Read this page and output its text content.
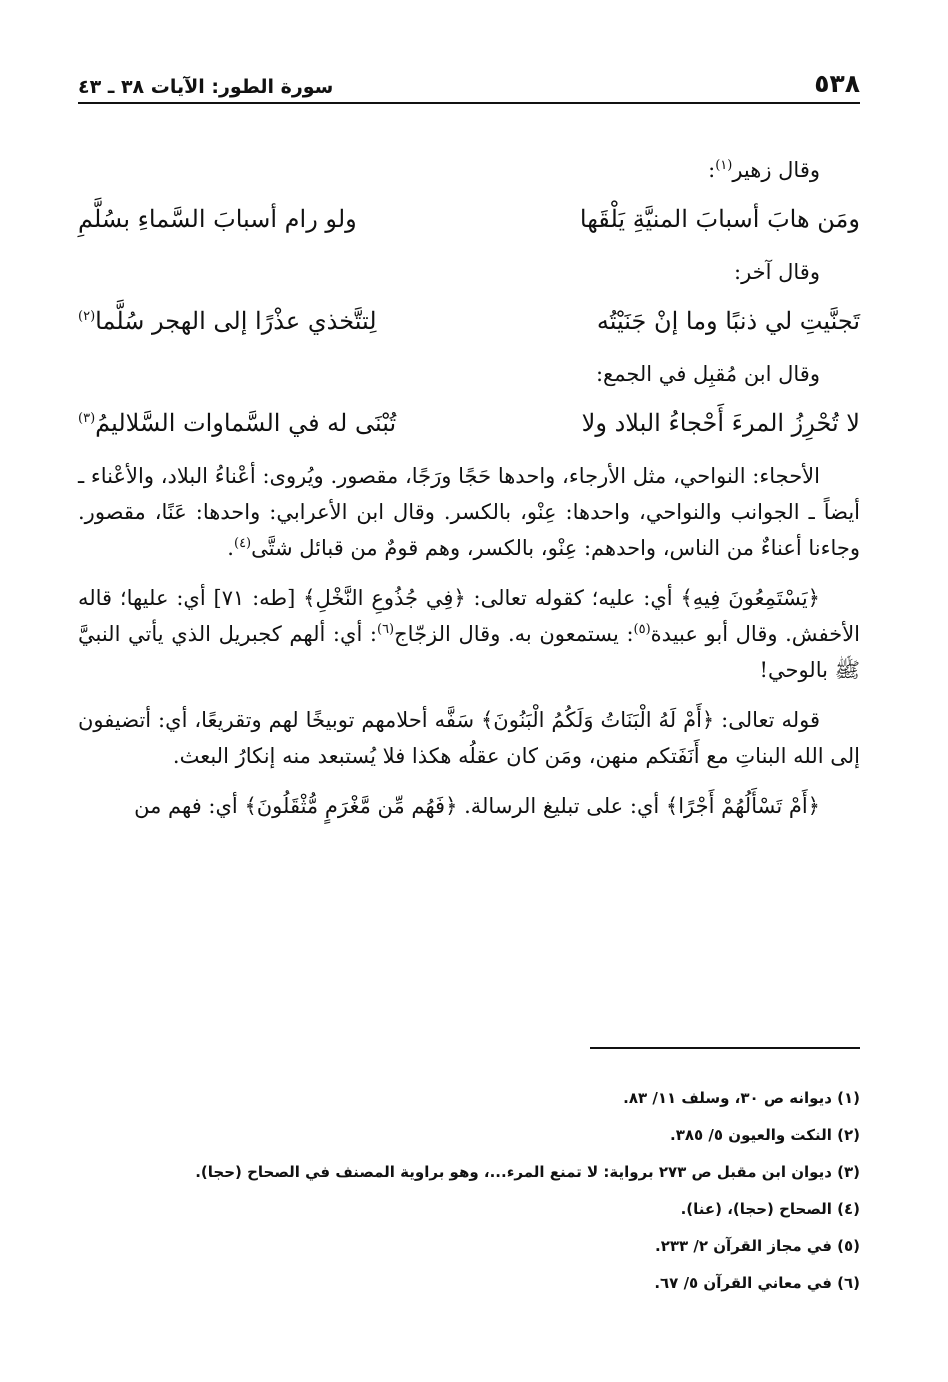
٥٣٨
سورة الطور: الآيات ٣٨ ـ ٤٣

وقال زهير$^{(١)}$:

ومَن هابَ أسبابَ المنيَّةِ يَلْقَها
ولو رام أسبابَ السَّماءِ بسُلَّمِ

وقال آخر:

تَجنَّيتِ لي ذنبًا وما إنْ جَنَيْتُه
لِتتَّخذي عذْرًا إلى الهجر سُلَّما$^{(٢)}$

وقال ابن مُقبِل في الجمع:

لا تُحْرِزُ المرءَ أَحْجاءُ البلاد ولا
تُبْنَى له في السَّماوات السَّلاليمُ$^{(٣)}$

الأحجاء: النواحي، مثل الأرجاء، واحدها حَجًا ورَجًا، مقصور. ويُروى: أعْناءُ البلاد، والأعْناء ـ أيضاً ـ الجوانب والنواحي، واحدها: عِنْو، بالكسر. وقال ابن الأعرابي: واحدها: عَنًا، مقصور. وجاءنا أعناءٌ من الناس، واحدهم: عِنْو، بالكسر، وهم قومٌ من قبائل شتَّى$^{(٤)}$.

﴿يَسْتَمِعُونَ فِيهِ﴾ أي: عليه؛ كقوله تعالى: ﴿فِي جُذُوعِ النَّخْلِ﴾ [طه: ٧١] أي: عليها؛ قاله الأخفش. وقال أبو عبيدة$^{(٥)}$: يستمعون به. وقال الزجّاج$^{(٦)}$: أي: ألهم كجبريل الذي يأتي النبيَّ ﷺ بالوحي!

قوله تعالى: ﴿أَمْ لَهُ الْبَنَاتُ وَلَكُمُ الْبَنُونَ﴾ سَفَّه أحلامهم توبيخًا لهم وتقريعًا، أي: أتضيفون إلى الله البناتِ مع أَنَفَتكم منهن، ومَن كان عقلُه هكذا فلا يُستبعد منه إنكارُ البعث.

﴿أَمْ تَسْأَلُهُمْ أَجْرًا﴾ أي: على تبليغ الرسالة. ﴿فَهُم مِّن مَّغْرَمٍ مُّثْقَلُونَ﴾ أي: فهم من

(١) ديوانه ص ٣٠، وسلف ١١/ ٨٣.
(٢) النكت والعيون ٥/ ٣٨٥.
(٣) ديوان ابن مقبل ص ٢٧٣ برواية: لا تمنع المرء...، وهو براوية المصنف في الصحاح (حجا).
(٤) الصحاح (حجا)، (عنا).
(٥) في مجاز القرآن ٢/ ٢٣٣.
(٦) في معاني القرآن ٥/ ٦٧.
